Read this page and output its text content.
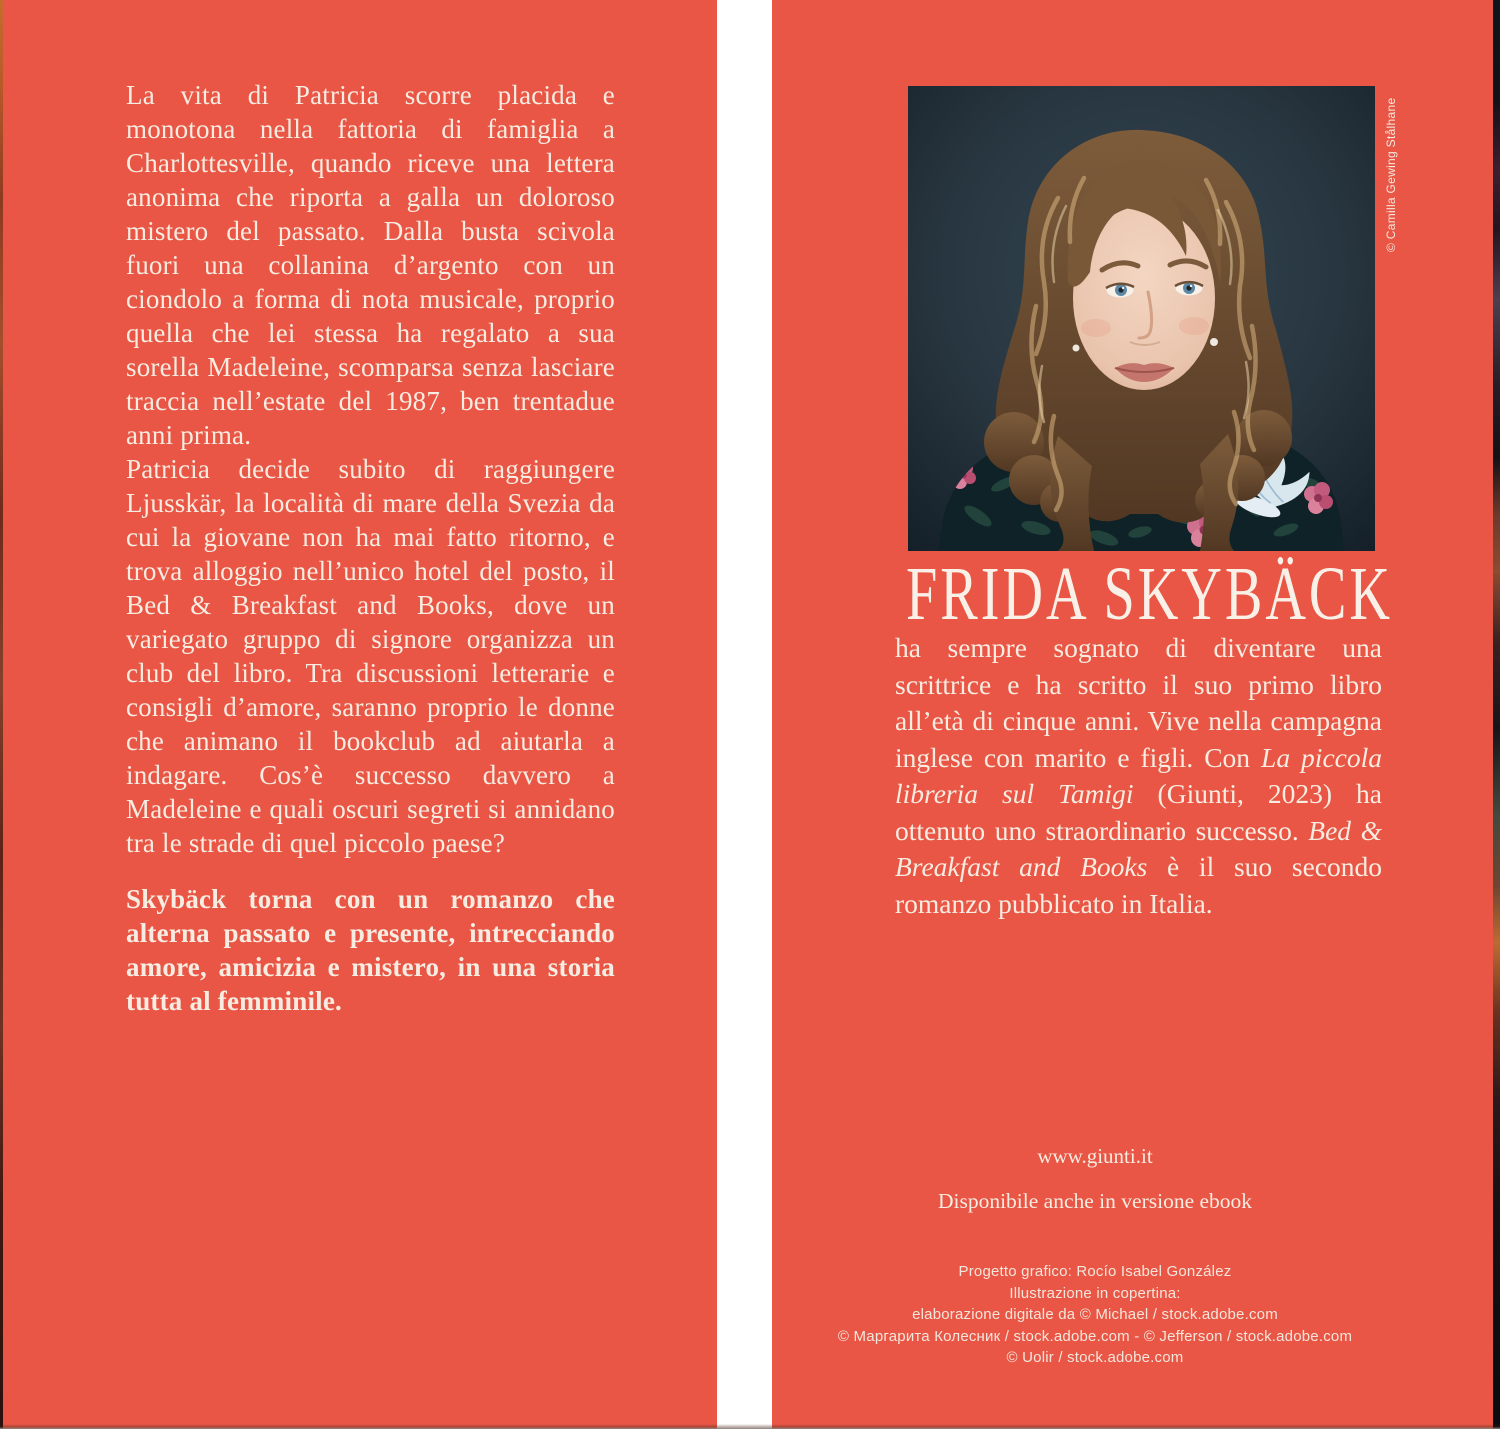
La vita di Patricia scorre placida e monotona nella fattoria di famiglia a Charlottesville, quando riceve una lettera anonima che riporta a galla un doloroso mistero del passato. Dalla busta scivola fuori una collanina d’argento con un ciondolo a forma di nota musicale, proprio quella che lei stessa ha regalato a sua sorella Madeleine, scomparsa senza lasciare traccia nell’estate del 1987, ben trentadue anni prima.

Patricia decide subito di raggiungere Ljusskär, la località di mare della Svezia da cui la giovane non ha mai fatto ritorno, e trova alloggio nell’unico hotel del posto, il Bed & Breakfast and Books, dove un variegato gruppo di signore organizza un club del libro. Tra discussioni letterarie e consigli d’amore, saranno proprio le donne che animano il bookclub ad aiutarla a indagare. Cos’è successo davvero a Madeleine e quali oscuri segreti si annidano tra le strade di quel piccolo paese?

Skybäck torna con un romanzo che alterna passato e presente, intrecciando amore, amicizia e mistero, in una storia tutta al femminile.

© Camilla Gewing Stålhane
FRIDA SKYBÄCK

ha sempre sognato di diventare una scrittrice e ha scritto il suo primo libro all’età di cinque anni. Vive nella campagna inglese con marito e figli. Con La piccola libreria sul Tamigi (Giunti, 2023) ha ottenuto uno straordinario successo. Bed & Breakfast and Books è il suo secondo romanzo pubblicato in Italia.

www.giunti.it
Disponibile anche in versione ebook
Progetto grafico: Rocío Isabel González
Illustrazione in copertina:
elaborazione digitale da © Michael / stock.adobe.com
© Маргарита Колесник / stock.adobe.com - © Jefferson / stock.adobe.com
© Uolir / stock.adobe.com
